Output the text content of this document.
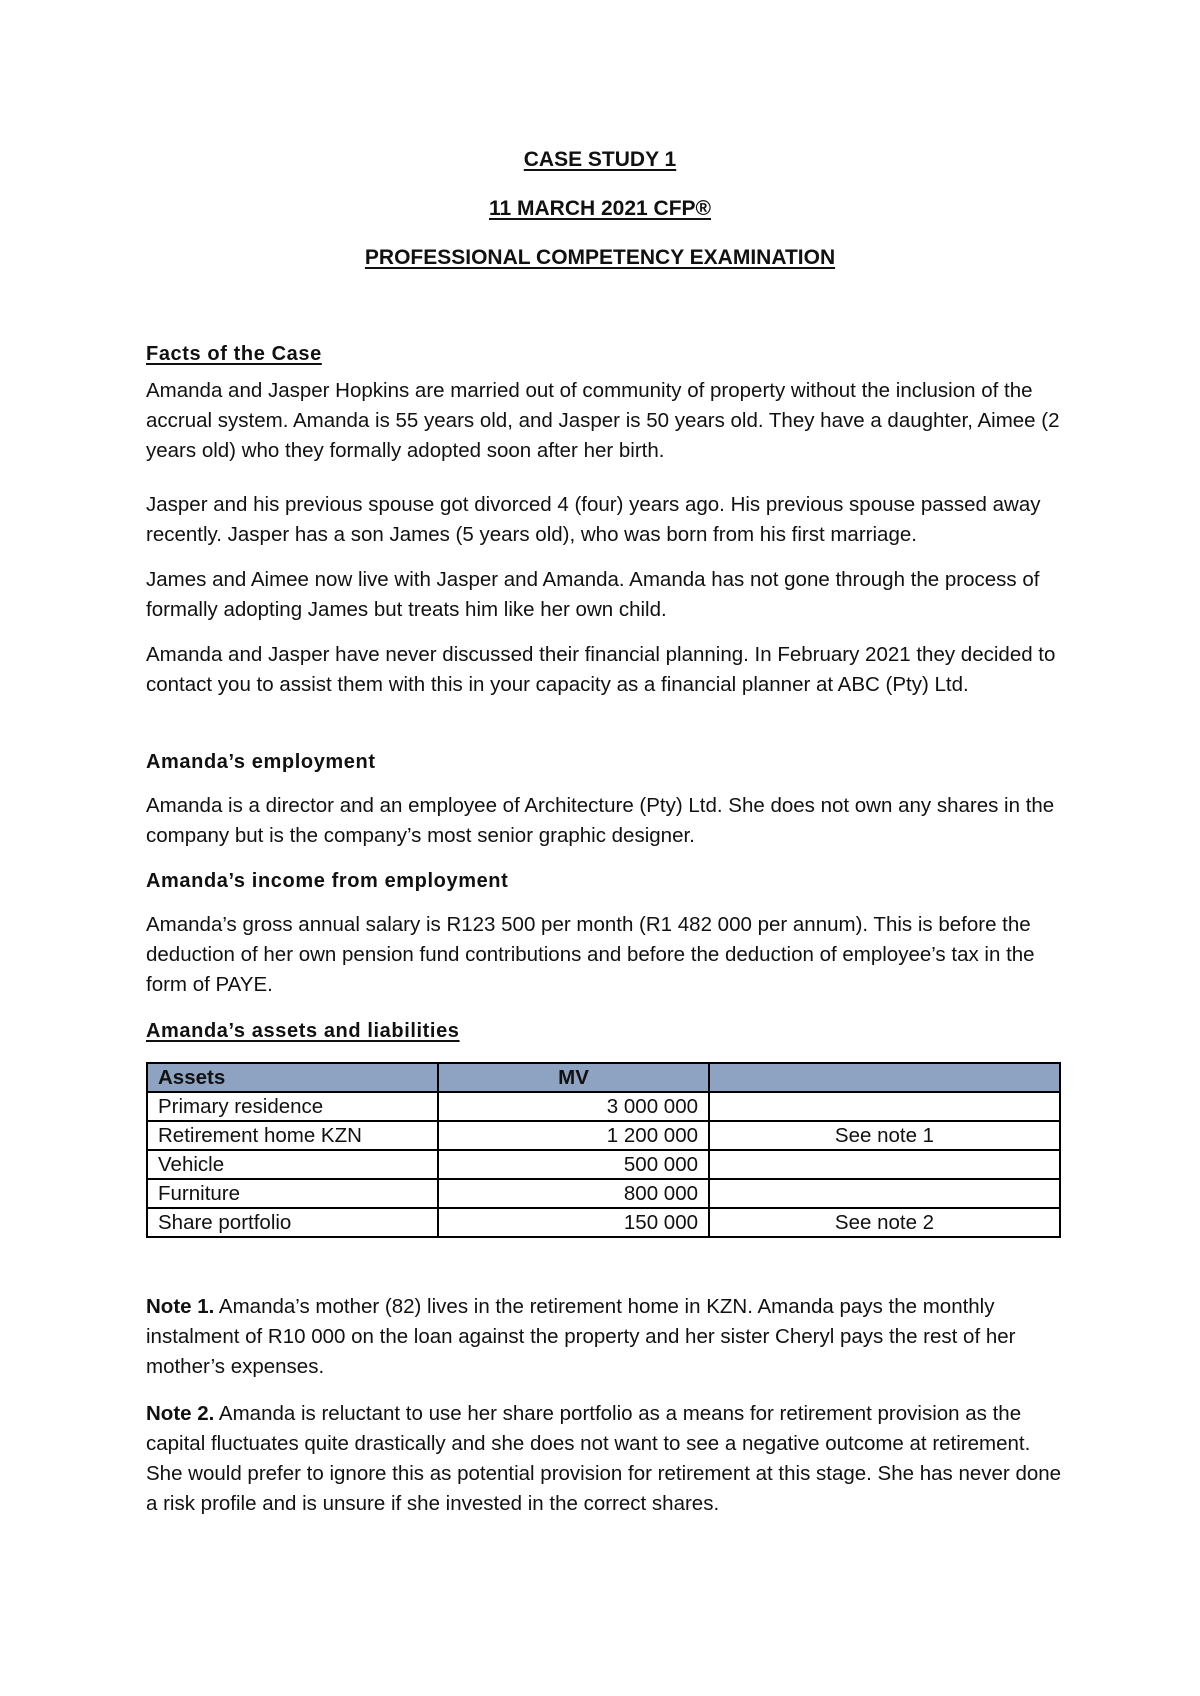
CASE STUDY 1
11 MARCH 2021 CFP®
PROFESSIONAL COMPETENCY EXAMINATION
Facts of the Case

Amanda and Jasper Hopkins are married out of community of property without the inclusion of the accrual system. Amanda is 55 years old, and Jasper is 50 years old. They have a daughter, Aimee (2 years old) who they formally adopted soon after her birth.

Jasper and his previous spouse got divorced 4 (four) years ago. His previous spouse passed away recently. Jasper has a son James (5 years old), who was born from his first marriage.

James and Aimee now live with Jasper and Amanda. Amanda has not gone through the process of formally adopting James but treats him like her own child.

Amanda and Jasper have never discussed their financial planning. In February 2021 they decided to contact you to assist them with this in your capacity as a financial planner at ABC (Pty) Ltd.

Amanda’s employment

Amanda is a director and an employee of Architecture (Pty) Ltd. She does not own any shares in the company but is the company’s most senior graphic designer.

Amanda’s income from employment

Amanda’s gross annual salary is R123 500 per month (R1 482 000 per annum). This is before the deduction of her own pension fund contributions and before the deduction of employee’s tax in the form of PAYE.

Amanda’s assets and liabilities
Assets	MV	
Primary residence	3 000 000	
Retirement home KZN	1 200 000	See note 1
Vehicle	500 000	
Furniture	800 000	
Share portfolio	150 000	See note 2

Note 1. Amanda’s mother (82) lives in the retirement home in KZN. Amanda pays the monthly instalment of R10 000 on the loan against the property and her sister Cheryl pays the rest of her mother’s expenses.

Note 2. Amanda is reluctant to use her share portfolio as a means for retirement provision as the capital fluctuates quite drastically and she does not want to see a negative outcome at retirement. She would prefer to ignore this as potential provision for retirement at this stage. She has never done a risk profile and is unsure if she invested in the correct shares.
